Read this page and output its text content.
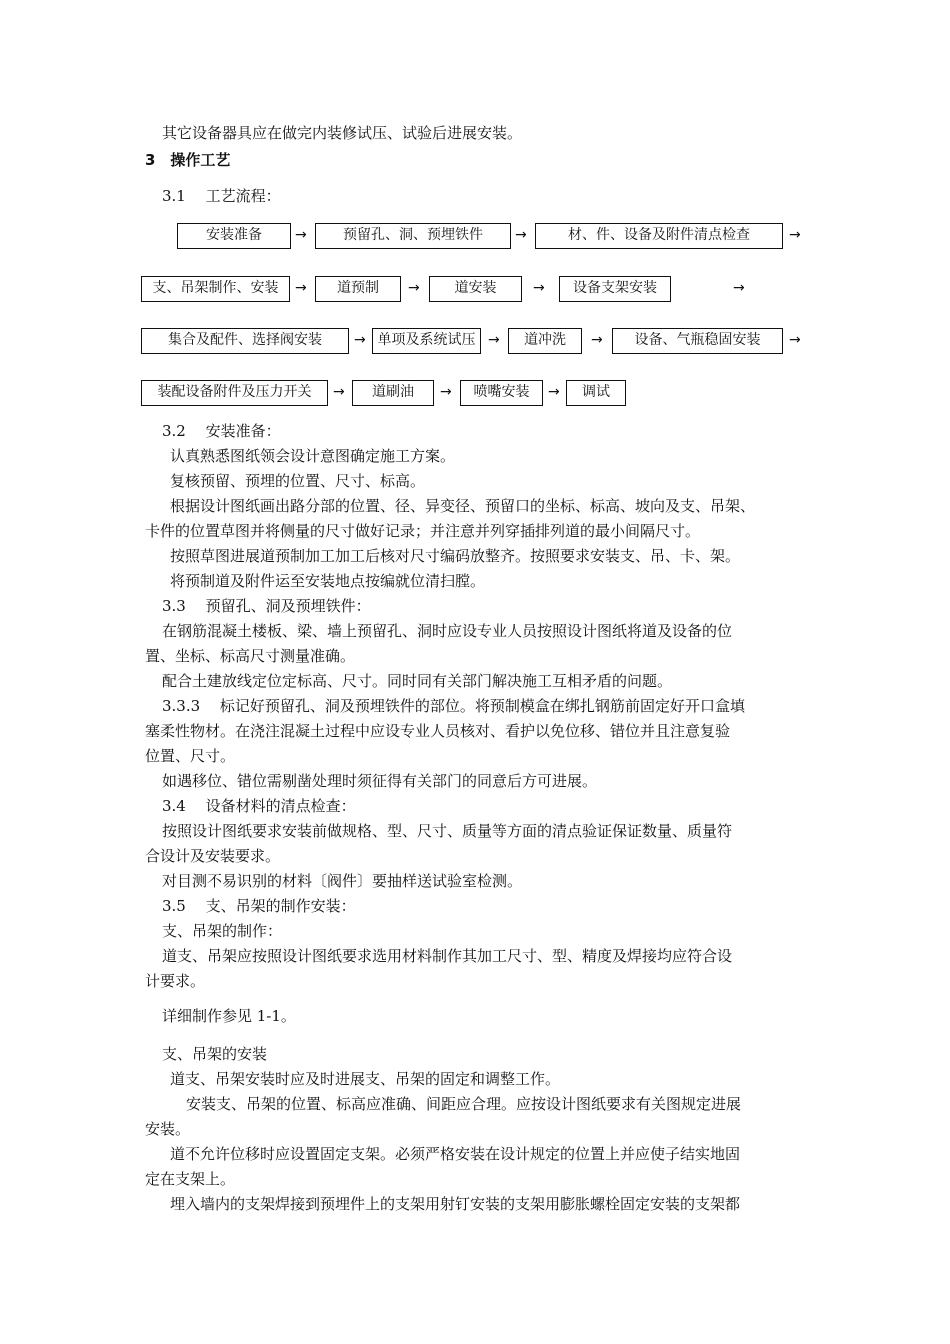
其它设备器具应在做完内装修试压、试验后进展安装。
3　操作工艺
3.1　 工艺流程：
安装准备	→	预留孔、洞、预埋铁件	→	材、件、设备及附件清点检查	→
支、吊架制作、安装	→	道预制	→	道安装	→	设备支架安装	→
集合及配件、选择阀安装	→ 单项及系统试压 →	道冲洗	→	设备、气瓶稳固安装	→
装配设备附件及压力开关	→	道刷油	→	喷嘴安装	→	调试
3.2　 安装准备：
认真熟悉图纸领会设计意图确定施工方案。
复核预留、预埋的位置、尺寸、标高。
根据设计图纸画出路分部的位置、径、异变径、预留口的坐标、标高、坡向及支、吊架、
卡件的位置草图并将侧量的尺寸做好记录；并注意并列穿插排列道的最小间隔尺寸。
按照草图进展道预制加工加工后核对尺寸编码放整齐。按照要求安装支、吊、卡、架。
将预制道及附件运至安装地点按编就位清扫膛。
3.3　 预留孔、洞及预埋铁件：
在钢筋混凝土楼板、梁、墙上预留孔、洞时应设专业人员按照设计图纸将道及设备的位
置、坐标、标高尺寸测量准确。
配合土建放线定位定标高、尺寸。同时同有关部门解决施工互相矛盾的问题。
3.3.3　 标记好预留孔、洞及预埋铁件的部位。将预制模盒在绑扎钢筋前固定好开口盒填
塞柔性物材。在浇注混凝土过程中应设专业人员核对、看护以免位移、错位并且注意复验
位置、尺寸。
如遇移位、错位需剔凿处理时须征得有关部门的同意后方可进展。
3.4　 设备材料的清点检查：
按照设计图纸要求安装前做规格、型、尺寸、质量等方面的清点验证保证数量、质量符
合设计及安装要求。
对目测不易识别的材料〔阀件〕要抽样送试验室检测。
3.5　 支、吊架的制作安装：
支、吊架的制作：
道支、吊架应按照设计图纸要求选用材料制作其加工尺寸、型、精度及焊接均应符合设
计要求。
详细制作参见 1-1。
支、吊架的安装
道支、吊架安装时应及时进展支、吊架的固定和调整工作。
安装支、吊架的位置、标高应准确、间距应合理。应按设计图纸要求有关图规定进展
安装。
道不允许位移时应设置固定支架。必须严格安装在设计规定的位置上并应使子结实地固
定在支架上。
埋入墙内的支架焊接到预埋件上的支架用射钉安装的支架用膨胀螺栓固定安装的支架都
